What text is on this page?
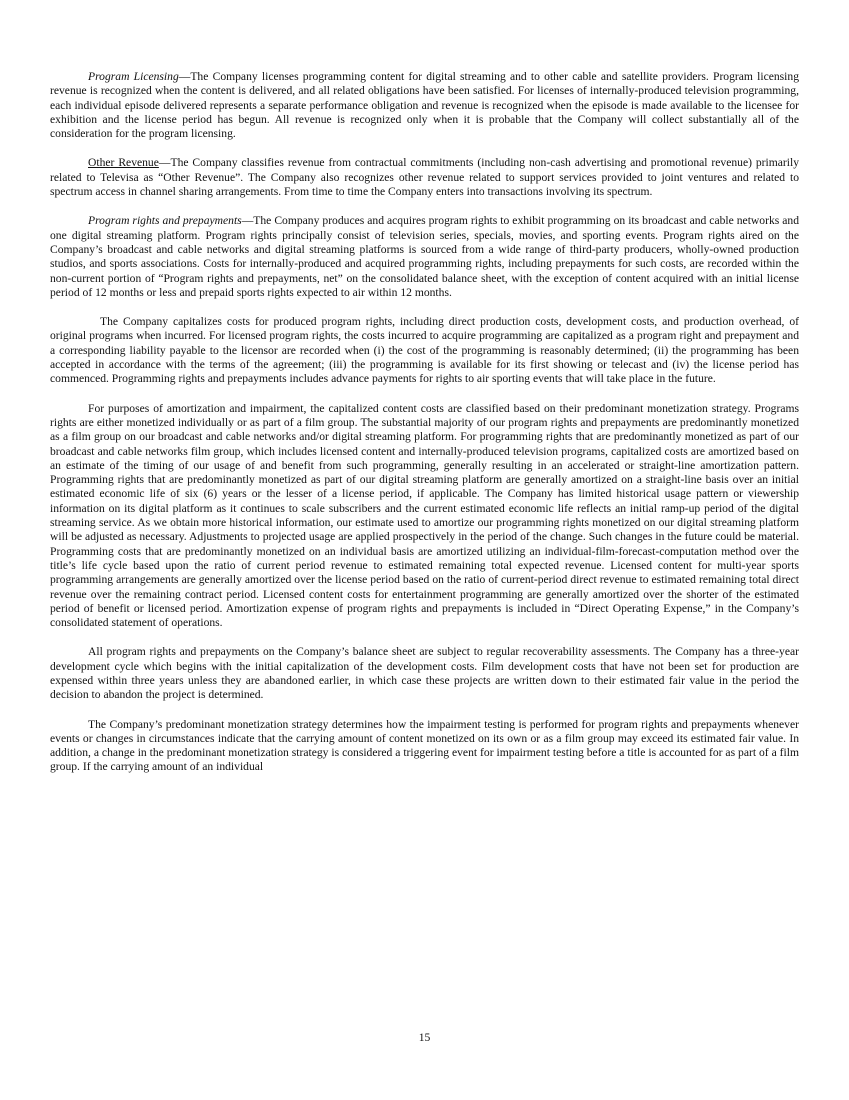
Program Licensing—The Company licenses programming content for digital streaming and to other cable and satellite providers. Program licensing revenue is recognized when the content is delivered, and all related obligations have been satisfied. For licenses of internally-produced television programming, each individual episode delivered represents a separate performance obligation and revenue is recognized when the episode is made available to the licensee for exhibition and the license period has begun. All revenue is recognized only when it is probable that the Company will collect substantially all of the consideration for the program licensing.

Other Revenue—The Company classifies revenue from contractual commitments (including non-cash advertising and promotional revenue) primarily related to Televisa as “Other Revenue”. The Company also recognizes other revenue related to support services provided to joint ventures and related to spectrum access in channel sharing arrangements. From time to time the Company enters into transactions involving its spectrum.

Program rights and prepayments—The Company produces and acquires program rights to exhibit programming on its broadcast and cable networks and one digital streaming platform. Program rights principally consist of television series, specials, movies, and sporting events. Program rights aired on the Company’s broadcast and cable networks and digital streaming platforms is sourced from a wide range of third-party producers, wholly-owned production studios, and sports associations. Costs for internally-produced and acquired programming rights, including prepayments for such costs, are recorded within the non-current portion of “Program rights and prepayments, net” on the consolidated balance sheet, with the exception of content acquired with an initial license period of 12 months or less and prepaid sports rights expected to air within 12 months.

The Company capitalizes costs for produced program rights, including direct production costs, development costs, and production overhead, of original programs when incurred. For licensed program rights, the costs incurred to acquire programming are capitalized as a program right and prepayment and a corresponding liability payable to the licensor are recorded when (i) the cost of the programming is reasonably determined; (ii) the programming has been accepted in accordance with the terms of the agreement; (iii) the programming is available for its first showing or telecast and (iv) the license period has commenced. Programming rights and prepayments includes advance payments for rights to air sporting events that will take place in the future.

For purposes of amortization and impairment, the capitalized content costs are classified based on their predominant monetization strategy. Programs rights are either monetized individually or as part of a film group. The substantial majority of our program rights and prepayments are predominantly monetized as a film group on our broadcast and cable networks and/or digital streaming platform. For programming rights that are predominantly monetized as part of our broadcast and cable networks film group, which includes licensed content and internally-produced television programs, capitalized costs are amortized based on an estimate of the timing of our usage of and benefit from such programming, generally resulting in an accelerated or straight-line amortization pattern. Programming rights that are predominantly monetized as part of our digital streaming platform are generally amortized on a straight-line basis over an initial estimated economic life of six (6) years or the lesser of a license period, if applicable. The Company has limited historical usage pattern or viewership information on its digital platform as it continues to scale subscribers and the current estimated economic life reflects an initial ramp-up period of the digital streaming service. As we obtain more historical information, our estimate used to amortize our programming rights monetized on our digital streaming platform will be adjusted as necessary. Adjustments to projected usage are applied prospectively in the period of the change. Such changes in the future could be material. Programming costs that are predominantly monetized on an individual basis are amortized utilizing an individual-film-forecast-computation method over the title’s life cycle based upon the ratio of current period revenue to estimated remaining total expected revenue. Licensed content for multi-year sports programming arrangements are generally amortized over the license period based on the ratio of current-period direct revenue to estimated remaining total direct revenue over the remaining contract period. Licensed content costs for entertainment programming are generally amortized over the shorter of the estimated period of benefit or licensed period. Amortization expense of program rights and prepayments is included in “Direct Operating Expense,” in the Company’s consolidated statement of operations.

All program rights and prepayments on the Company’s balance sheet are subject to regular recoverability assessments. The Company has a three-year development cycle which begins with the initial capitalization of the development costs. Film development costs that have not been set for production are expensed within three years unless they are abandoned earlier, in which case these projects are written down to their estimated fair value in the period the decision to abandon the project is determined.

The Company’s predominant monetization strategy determines how the impairment testing is performed for program rights and prepayments whenever events or changes in circumstances indicate that the carrying amount of content monetized on its own or as a film group may exceed its estimated fair value. In addition, a change in the predominant monetization strategy is considered a triggering event for impairment testing before a title is accounted for as part of a film group. If the carrying amount of an individual

15
